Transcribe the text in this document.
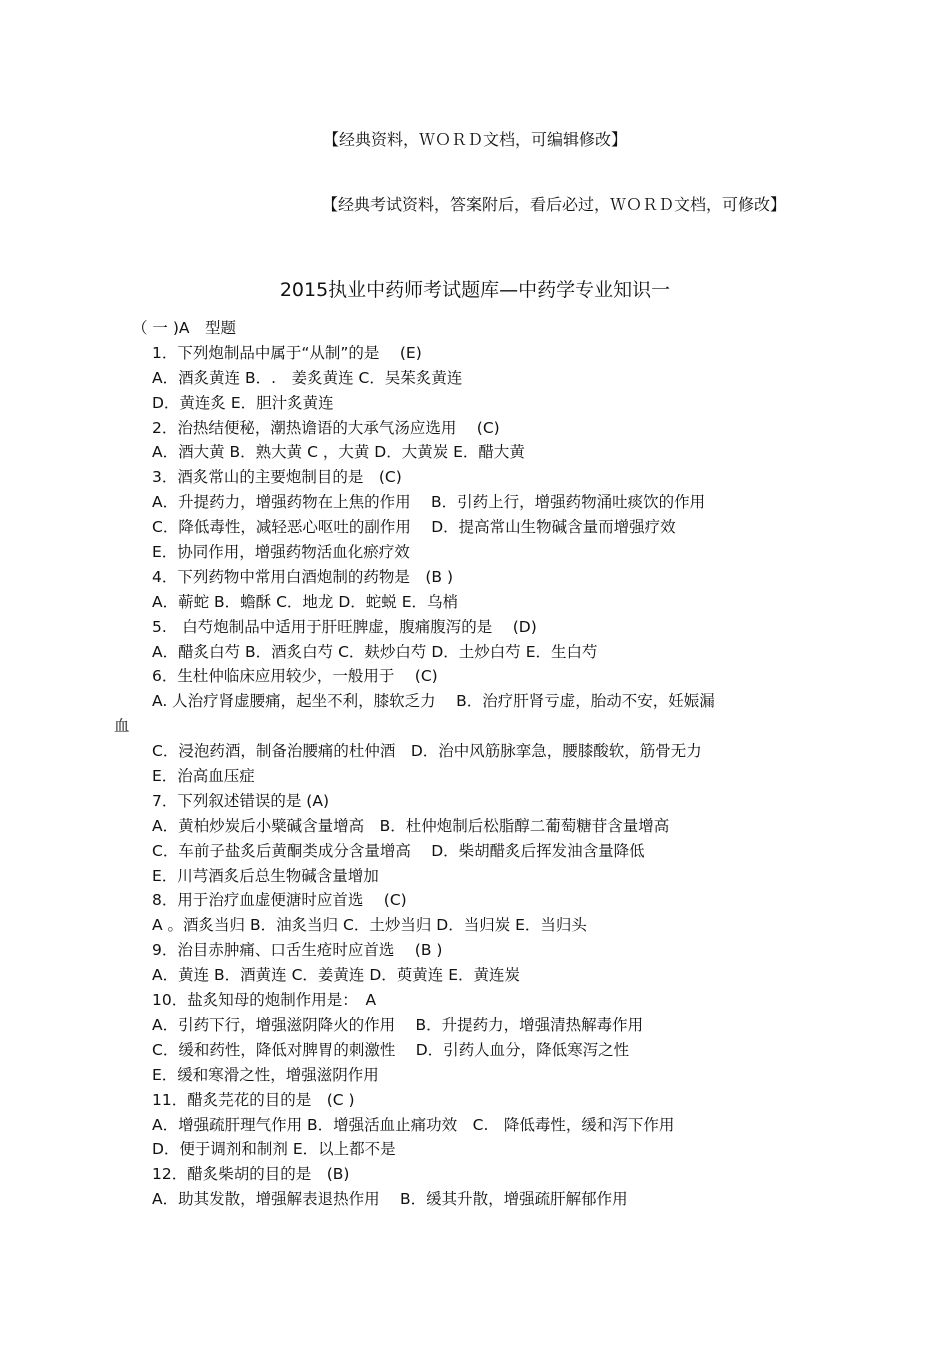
【经典资料，ＷＯＲＤ文档，可编辑修改】
【经典考试资料，答案附后，看后必过，ＷＯＲＤ文档，可修改】
2015执业中药师考试题库—中药学专业知识一
（ 一 )A　型题
1．下列炮制品中属于“从制”的是　 (E)
A．酒炙黄连 B．.　姜炙黄连 C．吴茱炙黄连
D．黄连炙 E．胆汁炙黄连
2．治热结便秘，潮热谵语的大承气汤应选用　 (C)
A．酒大黄 B．熟大黄 C ，大黄 D．大黄炭 E．醋大黄
3．酒炙常山的主要炮制目的是　(C)
A．升提药力，增强药物在上焦的作用　 B．引药上行，增强药物涌吐痰饮的作用
C．降低毒性，减轻恶心呕吐的副作用　 D．提高常山生物碱含量而增强疗效
E．协同作用，增强药物活血化瘀疗效
4．下列药物中常用白酒炮制的药物是　(B )
A．蕲蛇 B．蟾酥 C．地龙 D．蛇蜕 E．乌梢
5.　白芍炮制品中适用于肝旺脾虚，腹痛腹泻的是　 (D)
A．醋炙白芍 B．酒炙白芍 C．麸炒白芍 D．土炒白芍 E．生白芍
6．生杜仲临床应用较少，一般用于　 (C)
A. 人治疗肾虚腰痛，起坐不利，膝软乏力　 B．治疗肝肾亏虚，胎动不安，妊娠漏
血
C．浸泡药酒，制备治腰痛的杜仲酒　D．治中风筋脉挛急，腰膝酸软，筋骨无力
E．治高血压症
7．下列叙述错误的是 (A)
A．黄柏炒炭后小檗碱含量增高　B．杜仲炮制后松脂醇二葡萄糖苷含量增高
C．车前子盐炙后黄酮类成分含量增高　 D．柴胡醋炙后挥发油含量降低
E．川芎酒炙后总生物碱含量增加
8．用于治疗血虚便溏时应首选　 (C)
A 。酒炙当归 B．油炙当归 C．土炒当归 D．当归炭 E．当归头
9．治目赤肿痛、口舌生疮时应首选　 (B )
A．黄连 B．酒黄连 C．姜黄连 D．萸黄连 E．黄连炭
10．盐炙知母的炮制作用是：　A
A．引药下行，增强滋阴降火的作用　 B．升提药力，增强清热解毒作用
C．缓和药性，降低对脾胃的刺激性　 D．引药人血分，降低寒泻之性
E．缓和寒滑之性，增强滋阴作用
11．醋炙芫花的目的是　(C )
A．增强疏肝理气作用 B．增强活血止痛功效　C.　降低毒性，缓和泻下作用
D．便于调剂和制剂 E．以上都不是
12．醋炙柴胡的目的是　(B)
A．助其发散，增强解表退热作用　 B．缓其升散，增强疏肝解郁作用
